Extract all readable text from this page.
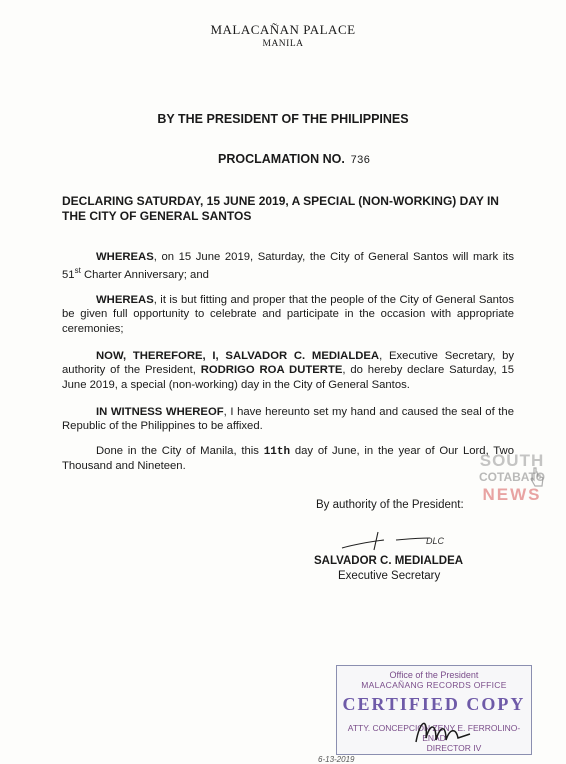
MALACAÑAN PALACE
MANILA
BY THE PRESIDENT OF THE PHILIPPINES
PROCLAMATION NO. 736
DECLARING SATURDAY, 15 JUNE 2019, A SPECIAL (NON-WORKING) DAY IN THE CITY OF GENERAL SANTOS
WHEREAS, on 15 June 2019, Saturday, the City of General Santos will mark its 51st Charter Anniversary; and
WHEREAS, it is but fitting and proper that the people of the City of General Santos be given full opportunity to celebrate and participate in the occasion with appropriate ceremonies;
NOW, THEREFORE, I, SALVADOR C. MEDIALDEA, Executive Secretary, by authority of the President, RODRIGO ROA DUTERTE, do hereby declare Saturday, 15 June 2019, a special (non-working) day in the City of General Santos.
IN WITNESS WHEREOF, I have hereunto set my hand and caused the seal of the Republic of the Philippines to be affixed.
Done in the City of Manila, this 11th day of June, in the year of Our Lord, Two Thousand and Nineteen.	SOUTH
COTABATO
NEWS
By authority of the President:
DLC
SALVADOR C. MEDIALDEA
Executive Secretary
Office of the President
MALACAÑANG RECORDS OFFICE
CERTIFIED COPY
ATTY. CONCEPCION ZENY E. FERROLINO-ENAD
DIRECTOR IV
6-13-2019
